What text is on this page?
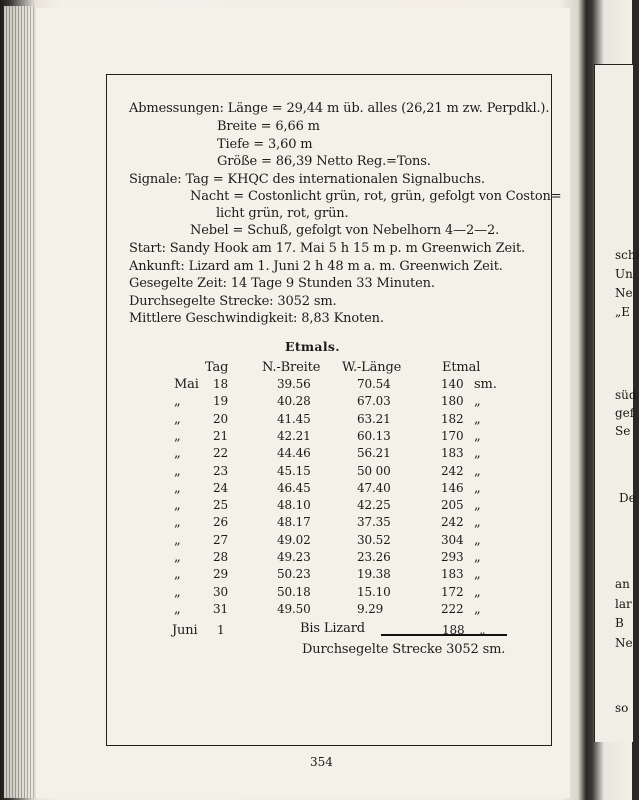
Abmessungen: Länge = 29,44 m üb. alles (26,21 m zw. Perpdkl.).
Breite = 6,66 m
Tiefe = 3,60 m
Größe = 86,39 Netto Reg.=Tons.
Signale: Tag = KHQC des internationalen Signalbuchs.
Nacht = Costonlicht grün, rot, grün, gefolgt von Coston=
licht grün, rot, grün.
Nebel = Schuß, gefolgt von Nebelhorn 4—2—2.
Start: Sandy Hook am 17. Mai 5 h 15 m p. m Greenwich Zeit.
Ankunft: Lizard am 1. Juni 2 h 48 m a. m. Greenwich Zeit.
Gesegelte Zeit: 14 Tage 9 Stunden 33 Minuten.
Durchsegelte Strecke: 3052 sm.
Mittlere Geschwindigkeit: 8,83 Knoten.
Etmals.
Tag	N.-Breite W.-Länge	Etmal
Mai 18	39.56	70.54	140 sm.
„	19	40.28	67.03	180 „
„	20	41.45	63.21	182 „
„	21	42.21	60.13	170 „
„	22	44.46	56.21	183 „
„	23	45.15	50 00	242 „
„	24	46.45	47.40	146 „
„	25	48.10	42.25	205 „
„	26	48.17	37.35	242 „
„	27	49.02	30.52	304 „
„	28	49.23	23.26	293 „
„	29	50.23	19.38	183 „
„	30	50.18	15.10	172 „
„	31	49.50	9.29	222 „
Juni 1	Bis Lizard	188 „
Durchsegelte Strecke 3052 sm.
354
schi
Un
Ne
„E
süd
gef
Se
De
an
lar
B
Ne
so
